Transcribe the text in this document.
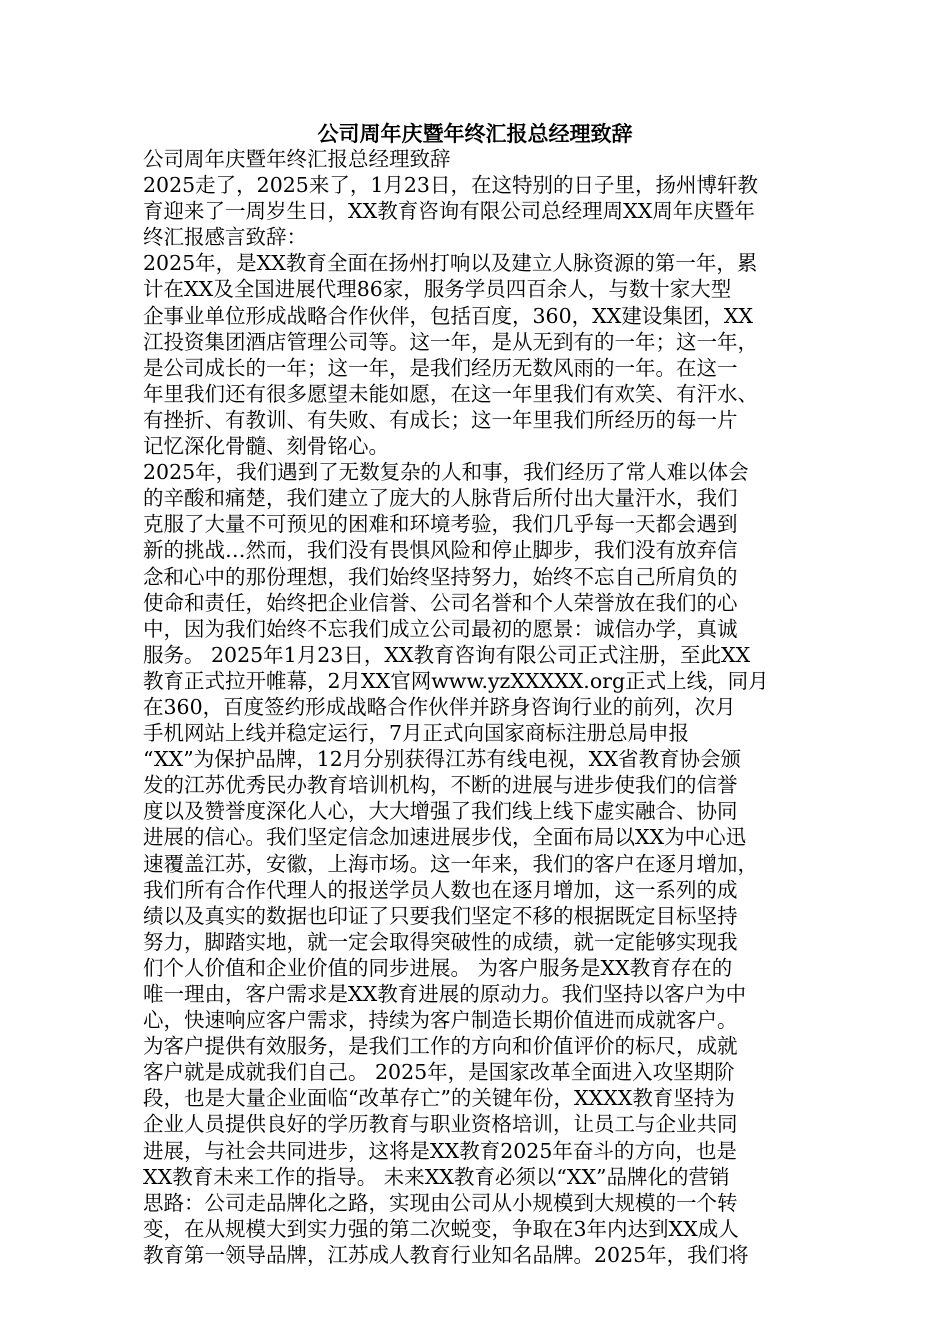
公司周年庆暨年终汇报总经理致辞
公司周年庆暨年终汇报总经理致辞
2025走了，2025来了，1月23日，在这特别的日子里，扬州博轩教
育迎来了一周岁生日，XX教育咨询有限公司总经理周XX周年庆暨年
终汇报感言致辞：
2025年，是XX教育全面在扬州打响以及建立人脉资源的第一年，累
计在XX及全国进展代理86家，服务学员四百余人，与数十家大型
企事业单位形成战略合作伙伴，包括百度，360，XX建设集团，XX
江投资集团酒店管理公司等。这一年，是从无到有的一年；这一年，
是公司成长的一年；这一年，是我们经历无数风雨的一年。在这一
年里我们还有很多愿望未能如愿，在这一年里我们有欢笑、有汗水、
有挫折、有教训、有失败、有成长；这一年里我们所经历的每一片
记忆深化骨髓、刻骨铭心。
2025年，我们遇到了无数复杂的人和事，我们经历了常人难以体会
的辛酸和痛楚，我们建立了庞大的人脉背后所付出大量汗水，我们
克服了大量不可预见的困难和环境考验，我们几乎每一天都会遇到
新的挑战…然而，我们没有畏惧风险和停止脚步，我们没有放弃信
念和心中的那份理想，我们始终坚持努力，始终不忘自己所肩负的
使命和责任，始终把企业信誉、公司名誉和个人荣誉放在我们的心
中，因为我们始终不忘我们成立公司最初的愿景：诚信办学，真诚
服务。 2025年1月23日，XX教育咨询有限公司正式注册，至此XX
教育正式拉开帷幕，2月XX官网www.yzXXXXX.org正式上线，同月
在360，百度签约形成战略合作伙伴并跻身咨询行业的前列，次月
手机网站上线并稳定运行，7月正式向国家商标注册总局申报
“XX”为保护品牌，12月分别获得江苏有线电视，XX省教育协会颁
发的江苏优秀民办教育培训机构，不断的进展与进步使我们的信誉
度以及赞誉度深化人心，大大增强了我们线上线下虚实融合、协同
进展的信心。我们坚定信念加速进展步伐，全面布局以XX为中心迅
速覆盖江苏，安徽，上海市场。这一年来，我们的客户在逐月增加，
我们所有合作代理人的报送学员人数也在逐月增加，这一系列的成
绩以及真实的数据也印证了只要我们坚定不移的根据既定目标坚持
努力，脚踏实地，就一定会取得突破性的成绩，就一定能够实现我
们个人价值和企业价值的同步进展。 为客户服务是XX教育存在的
唯一理由，客户需求是XX教育进展的原动力。我们坚持以客户为中
心，快速响应客户需求，持续为客户制造长期价值进而成就客户。
为客户提供有效服务，是我们工作的方向和价值评价的标尺，成就
客户就是成就我们自己。 2025年，是国家改革全面进入攻坚期阶
段，也是大量企业面临“改革存亡”的关键年份，XXXX教育坚持为
企业人员提供良好的学历教育与职业资格培训，让员工与企业共同
进展，与社会共同进步，这将是XX教育2025年奋斗的方向，也是
XX教育未来工作的指导。 未来XX教育必须以“XX”品牌化的营销
思路：公司走品牌化之路，实现由公司从小规模到大规模的一个转
变，在从规模大到实力强的第二次蜕变，争取在3年内达到XX成人
教育第一领导品牌，江苏成人教育行业知名品牌。2025年，我们将
